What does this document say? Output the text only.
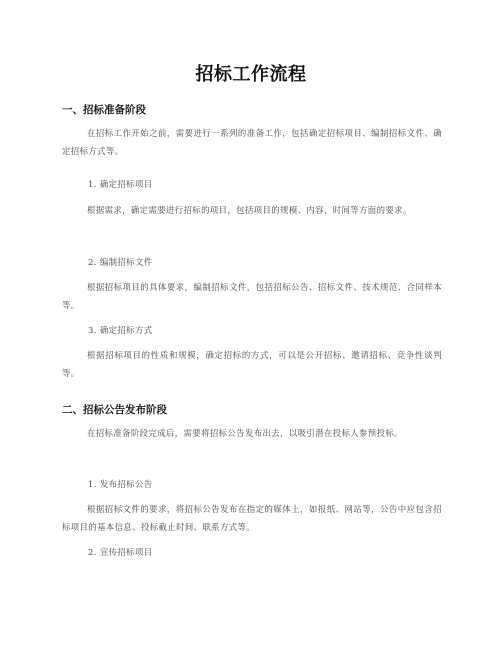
招标工作流程
一、招标准备阶段
在招标工作开始之前，需要进行一系列的准备工作，包括确定招标项目、编制招标文件、确定招标方式等。
1. 确定招标项目
根据需求，确定需要进行招标的项目，包括项目的规模、内容、时间等方面的要求。
2. 编制招标文件
根据招标项目的具体要求，编制招标文件，包括招标公告、招标文件、技术规范、合同样本等。
3. 确定招标方式
根据招标项目的性质和规模，确定招标的方式，可以是公开招标、邀请招标、竞争性谈判等。
二、招标公告发布阶段
在招标准备阶段完成后，需要将招标公告发布出去，以吸引潜在投标人参预投标。
1. 发布招标公告
根据招标文件的要求，将招标公告发布在指定的媒体上，如报纸、网站等，公告中应包含招标项目的基本信息、投标截止时间、联系方式等。
2. 宣传招标项目
